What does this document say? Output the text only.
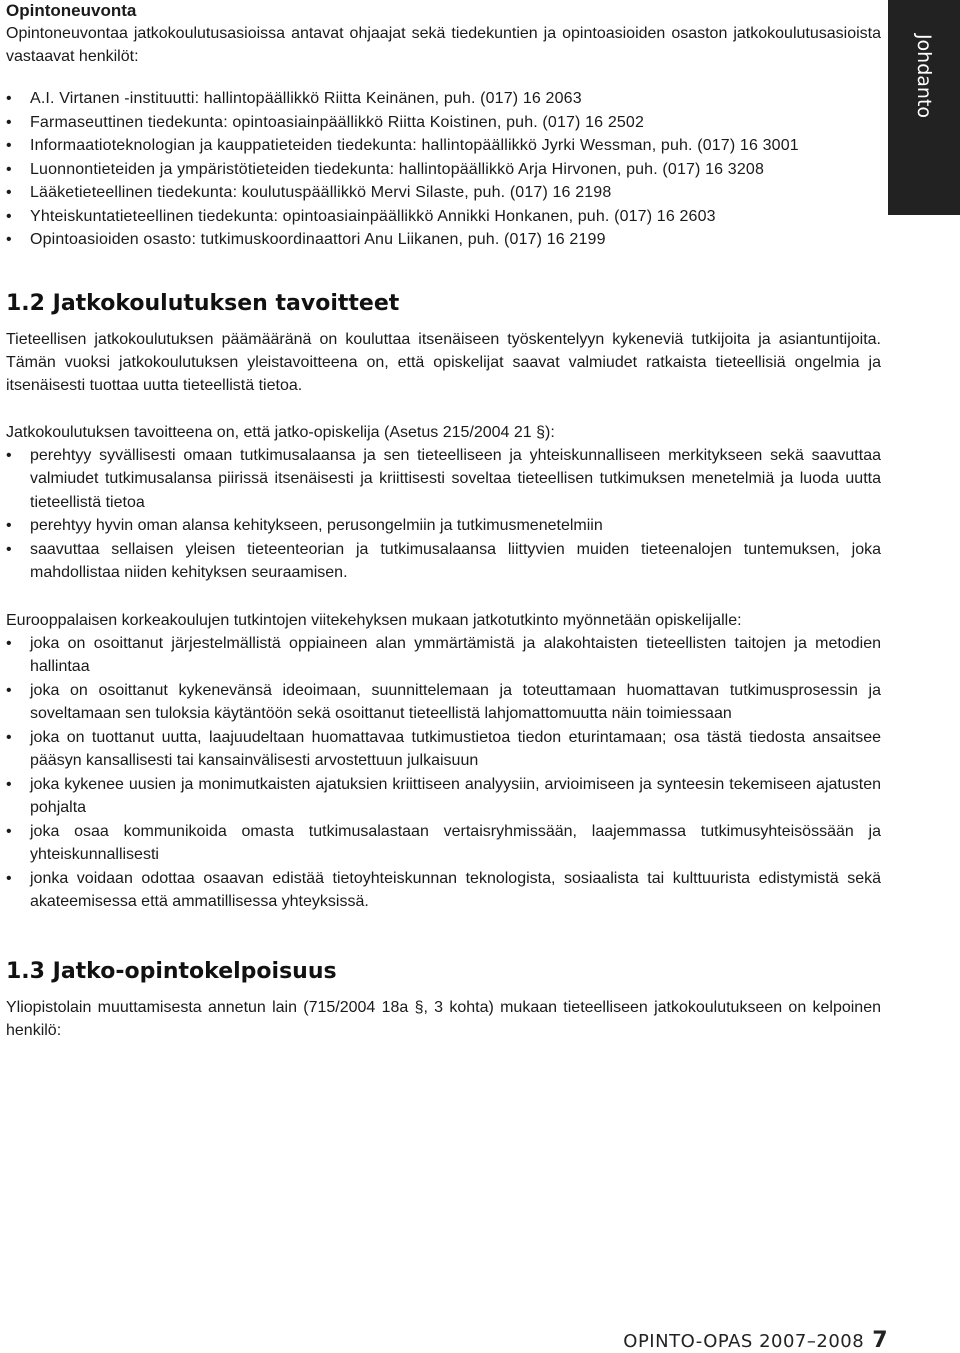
Johdanto
Opintoneuvonta

Opintoneuvontaa jatkokoulutusasioissa antavat ohjaajat sekä tiedekuntien ja opintoasioiden osaston jatkokoulutusasioista vastaavat henkilöt:

• A.I. Virtanen -instituutti: hallintopäällikkö Riitta Keinänen, puh. (017) 16 2063
• Farmaseuttinen tiedekunta: opintoasiainpäällikkö Riitta Koistinen, puh. (017) 16 2502
• Informaatioteknologian ja kauppatieteiden tiedekunta: hallintopäällikkö Jyrki Wessman, puh. (017) 16 3001
• Luonnontieteiden ja ympäristötieteiden tiedekunta: hallintopäällikkö Arja Hirvonen, puh. (017) 16 3208
• Lääketieteellinen tiedekunta: koulutuspäällikkö Mervi Silaste, puh. (017) 16 2198
• Yhteiskuntatieteellinen tiedekunta: opintoasiainpäällikkö Annikki Honkanen, puh. (017) 16 2603
• Opintoasioiden osasto: tutkimuskoordinaattori Anu Liikanen, puh. (017) 16 2199
1.2 Jatkokoulutuksen tavoitteet

Tieteellisen jatkokoulutuksen päämääränä on kouluttaa itsenäiseen työskentelyyn kykeneviä tutkijoita ja asiantuntijoita. Tämän vuoksi jatkokoulutuksen yleistavoitteena on, että opiskelijat saavat valmiudet ratkaista tieteellisiä ongelmia ja itsenäisesti tuottaa uutta tieteellistä tietoa.

Jatkokoulutuksen tavoitteena on, että jatko-opiskelija (Asetus 215/2004 21 §):

• perehtyy syvällisesti omaan tutkimusalaansa ja sen tieteelliseen ja yhteiskunnalliseen merkitykseen sekä saavuttaa valmiudet tutkimusalansa piirissä itsenäisesti ja kriittisesti soveltaa tieteellisen tutkimuksen menetelmiä ja luoda uutta tieteellistä tietoa
• perehtyy hyvin oman alansa kehitykseen, perusongelmiin ja tutkimusmenetelmiin
• saavuttaa sellaisen yleisen tieteenteorian ja tutkimusalaansa liittyvien muiden tieteenalojen tuntemuksen, joka mahdollistaa niiden kehityksen seuraamisen.

Eurooppalaisen korkeakoulujen tutkintojen viitekehyksen mukaan jatkotutkinto myönnetään opiskelijalle:

• joka on osoittanut järjestelmällistä oppiaineen alan ymmärtämistä ja alakohtaisten tieteellisten taitojen ja metodien hallintaa
• joka on osoittanut kykenevänsä ideoimaan, suunnittelemaan ja toteuttamaan huomattavan tutkimusprosessin ja soveltamaan sen tuloksia käytäntöön sekä osoittanut tieteellistä lahjomattomuutta näin toimiessaan
• joka on tuottanut uutta, laajuudeltaan huomattavaa tutkimustietoa tiedon eturintamaan; osa tästä tiedosta ansaitsee pääsyn kansallisesti tai kansainvälisesti arvostettuun julkaisuun
• joka kykenee uusien ja monimutkaisten ajatuksien kriittiseen analyysiin, arvioimiseen ja synteesin tekemiseen ajatusten pohjalta
• joka osaa kommunikoida omasta tutkimusalastaan vertaisryhmissään, laajemmassa tutkimusyhteisössään ja yhteiskunnallisesti
• jonka voidaan odottaa osaavan edistää tietoyhteiskunnan teknologista, sosiaalista tai kulttuurista edistymistä sekä akateemisessa että ammatillisessa yhteyksissä.
1.3 Jatko-opintokelpoisuus

Yliopistolain muuttamisesta annetun lain (715/2004 18a §, 3 kohta) mukaan tieteelliseen jatkokoulutukseen on kelpoinen henkilö:

OPINTO-OPAS 2007–2008 7
